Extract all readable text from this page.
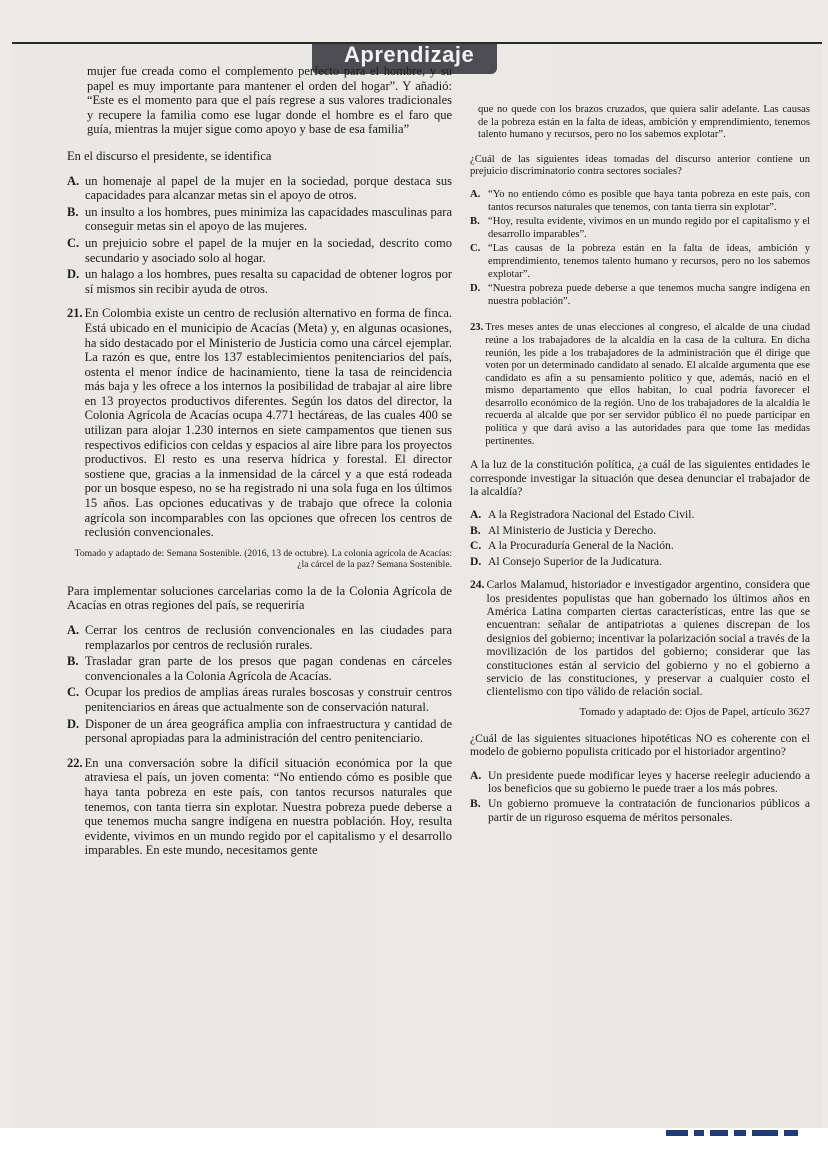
Aprendizaje

mujer fue creada como el complemento perfecto para el hombre, y su papel es muy importante para mantener el orden del hogar”. Y añadió: “Este es el momento para que el país regrese a sus valores tradicionales y recupere la familia como ese lugar donde el hombre es el faro que guía, mientras la mujer sigue como apoyo y base de esa familia”

En el discurso el presidente, se identifica

A. un homenaje al papel de la mujer en la sociedad, porque destaca sus capacidades para alcanzar metas sin el apoyo de otros.
B. un insulto a los hombres, pues minimiza las capacidades masculinas para conseguir metas sin el apoyo de las mujeres.
C. un prejuicio sobre el papel de la mujer en la sociedad, descrito como secundario y asociado solo al hogar.
D. un halago a los hombres, pues resalta su capacidad de obtener logros por sí mismos sin recibir ayuda de otros.
21. En Colombia existe un centro de reclusión alternativo en forma de finca. Está ubicado en el municipio de Acacías (Meta) y, en algunas ocasiones, ha sido destacado por el Ministerio de Justicia como una cárcel ejemplar. La razón es que, entre los 137 establecimientos penitenciarios del país, ostenta el menor índice de hacinamiento, tiene la tasa de reincidencia más baja y les ofrece a los internos la posibilidad de trabajar al aire libre en 13 proyectos productivos diferentes. Según los datos del director, la Colonia Agrícola de Acacías ocupa 4.771 hectáreas, de las cuales 400 se utilizan para alojar 1.230 internos en siete campamentos que tienen sus respectivos edificios con celdas y espacios al aire libre para los proyectos productivos. El resto es una reserva hídrica y forestal. El director sostiene que, gracias a la inmensidad de la cárcel y a que está rodeada por un bosque espeso, no se ha registrado ni una sola fuga en los últimos 15 años. Las opciones educativas y de trabajo que ofrece la colonia agrícola son incomparables con las opciones que ofrecen los centros de reclusión convencionales.
Tomado y adaptado de: Semana Sostenible. (2016, 13 de octubre). La colonia agrícola de Acacías:
¿la cárcel de la paz? Semana Sostenible.

Para implementar soluciones carcelarias como la de la Colonia Agrícola de Acacías en otras regiones del país, se requeriría

A. Cerrar los centros de reclusión convencionales en las ciudades para remplazarlos por centros de reclusión rurales.
B. Trasladar gran parte de los presos que pagan condenas en cárceles convencionales a la Colonia Agrícola de Acacías.
C. Ocupar los predios de amplias áreas rurales boscosas y construir centros penitenciarios en áreas que actualmente son de conservación natural.
D. Disponer de un área geográfica amplia con infraestructura y cantidad de personal apropiadas para la administración del centro penitenciario.
22. En una conversación sobre la difícil situación económica por la que atraviesa el país, un joven comenta: “No entiendo cómo es posible que haya tanta pobreza en este país, con tantos recursos naturales que tenemos, con tanta tierra sin explotar. Nuestra pobreza puede deberse a que tenemos mucha sangre indígena en nuestra población. Hoy, resulta evidente, vivimos en un mundo regido por el capitalismo y el desarrollo imparables. En este mundo, necesitamos gente

que no quede con los brazos cruzados, que quiera salir adelante. Las causas de la pobreza están en la falta de ideas, ambición y emprendimiento, tenemos talento humano y recursos, pero no los sabemos explotar”.

¿Cuál de las siguientes ideas tomadas del discurso anterior contiene un prejuicio discriminatorio contra sectores sociales?

A. “Yo no entiendo cómo es posible que haya tanta pobreza en este país, con tantos recursos naturales que tenemos, con tanta tierra sin explotar”.
B. “Hoy, resulta evidente, vivimos en un mundo regido por el capitalismo y el desarrollo imparables”.
C. “Las causas de la pobreza están en la falta de ideas, ambición y emprendimiento, tenemos talento humano y recursos, pero no los sabemos explotar”.
D. “Nuestra pobreza puede deberse a que tenemos mucha sangre indígena en nuestra población”.
23. Tres meses antes de unas elecciones al congreso, el alcalde de una ciudad reúne a los trabajadores de la alcaldía en la casa de la cultura. En dicha reunión, les pide a los trabajadores de la administración que él dirige que voten por un determinado candidato al senado. El alcalde argumenta que ese candidato es afín a su pensamiento político y que, además, nació en el mismo departamento que ellos habitan, lo cual podría favorecer el desarrollo económico de la región. Uno de los trabajadores de la alcaldía le recuerda al alcalde que por ser servidor público él no puede participar en política y que dará aviso a las autoridades para que tome las medidas pertinentes.

A la luz de la constitución política, ¿a cuál de las siguientes entidades le corresponde investigar la situación que desea denunciar el trabajador de la alcaldía?

A. A la Registradora Nacional del Estado Civil.
B. Al Ministerio de Justicia y Derecho.
C. A la Procuraduría General de la Nación.
D. Al Consejo Superior de la Judicatura.
24. Carlos Malamud, historiador e investigador argentino, considera que los presidentes populistas que han gobernado los últimos años en América Latina comparten ciertas características, entre las que se encuentran: señalar de antipatriotas a quienes discrepan de los designios del gobierno; incentivar la polarización social a través de la movilización de los partidos del gobierno; considerar que las constituciones están al servicio del gobierno y no el gobierno a servicio de las constituciones, y preservar a cualquier costo el clientelismo con tipo válido de relación social.
Tomado y adaptado de: Ojos de Papel, artículo 3627

¿Cuál de las siguientes situaciones hipotéticas NO es coherente con el modelo de gobierno populista criticado por el historiador argentino?

A. Un presidente puede modificar leyes y hacerse reelegir aduciendo a los beneficios que su gobierno le puede traer a los más pobres.
B. Un gobierno promueve la contratación de funcionarios públicos a partir de un riguroso esquema de méritos personales.
